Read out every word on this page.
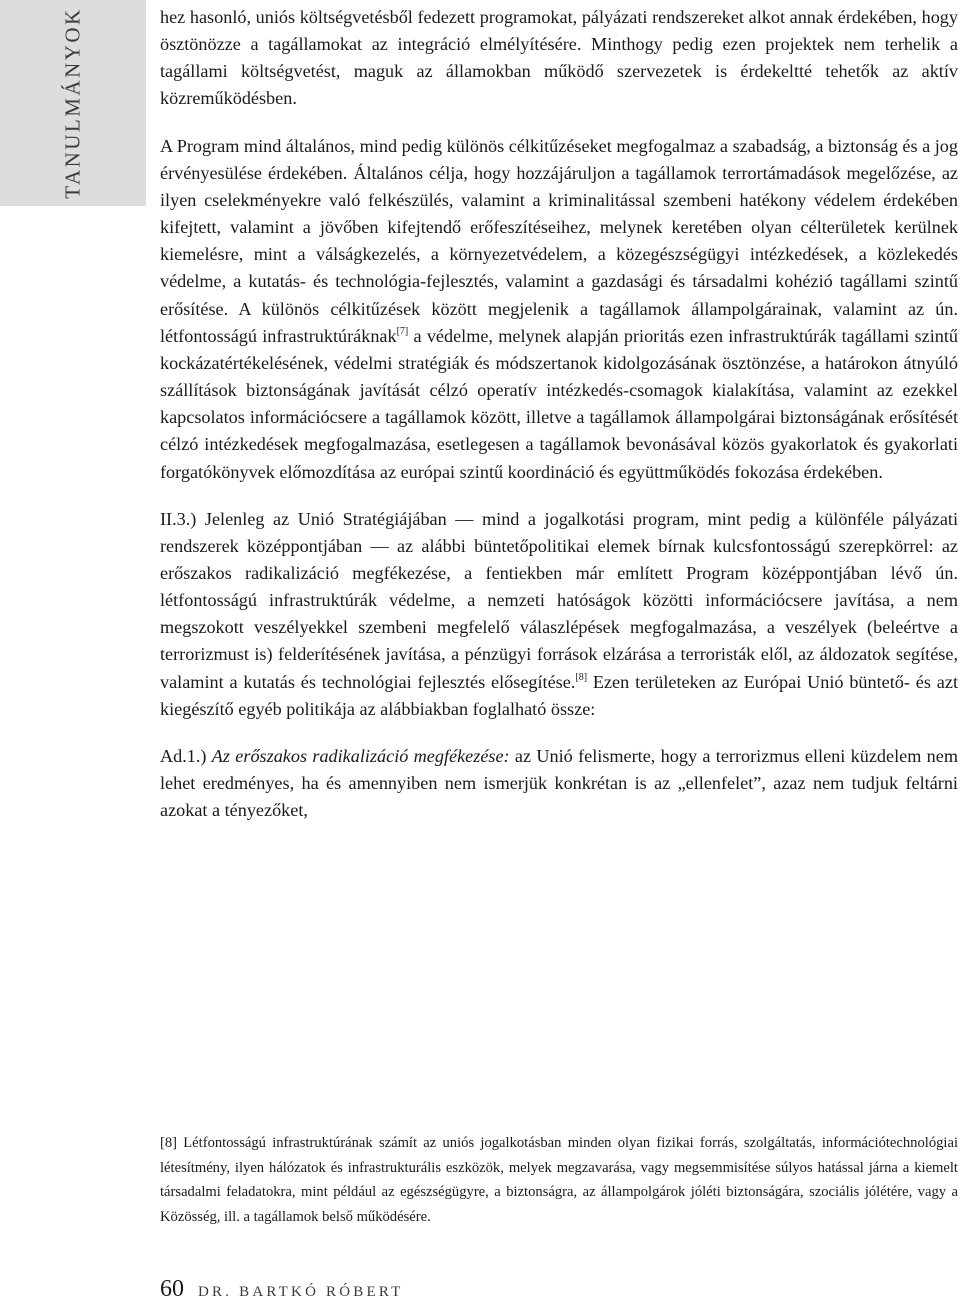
TANULMÁNYOK	hez hasonló, uniós költségvetésből fedezett programokat, pályázati rendszereket alkot annak érdekében, hogy ösztönözze a tagállamokat az integráció elmélyítésére. Minthogy pedig ezen projektek nem terhelik a tagállami költségvetést, maguk az államokban működő szervezetek is érdekeltté tehetők az aktív közreműködésben.

A Program mind általános, mind pedig különös célkitűzéseket megfogalmaz a szabadság, a biztonság és a jog érvényesülése érdekében. Általános célja, hogy hozzájáruljon a tagállamok terrortámadások megelőzése, az ilyen cselekményekre való felkészülés, valamint a kriminalitással szembeni hatékony védelem érdekében kifejtett, valamint a jövőben kifejtendő erőfeszítéseihez, melynek keretében olyan célterületek kerülnek kiemelésre, mint a válságkezelés, a környezetvédelem, a közegészségügyi intézkedések, a közlekedés védelme, a kutatás- és technológia-fejlesztés, valamint a gazdasági és társadalmi kohézió tagállami szintű erősítése. A különös célkitűzések között megjelenik a tagállamok állampolgárainak, valamint az ún. létfontosságú infrastruktúráknak[7] a védelme, melynek alapján prioritás ezen infrastruktúrák tagállami szintű kockázatértékelésének, védelmi stratégiák és módszertanok kidolgozásának ösztönzése, a határokon átnyúló szállítások biztonságának javítását célzó operatív intézkedés-csomagok kialakítása, valamint az ezekkel kapcsolatos információcsere a tagállamok között, illetve a tagállamok állampolgárai biztonságának erősítését célzó intézkedések megfogalmazása, esetlegesen a tagállamok bevonásával közös gyakorlatok és gyakorlati forgatókönyvek előmozdítása az európai szintű koordináció és együttműködés fokozása érdekében.

II.3.) Jelenleg az Unió Stratégiájában — mind a jogalkotási program, mint pedig a különféle pályázati rendszerek középpontjában — az alábbi büntetőpolitikai elemek bírnak kulcsfontosságú szerepkörrel: az erőszakos radikalizáció megfékezése, a fentiekben már említett Program középpontjában lévő ún. létfontosságú infrastruktúrák védelme, a nemzeti hatóságok közötti információcsere javítása, a nem megszokott veszélyekkel szembeni megfelelő válaszlépések megfogalmazása, a veszélyek (beleértve a terrorizmust is) felderítésének javítása, a pénzügyi források elzárása a terroristák elől, az áldozatok segítése, valamint a kutatás és technológiai fejlesztés elősegítése.[8] Ezen területeken az Európai Unió büntető- és azt kiegészítő egyéb politikája az alábbiakban foglalható össze:

Ad.1.) Az erőszakos radikalizáció megfékezése: az Unió felismerte, hogy a terrorizmus elleni küzdelem nem lehet eredményes, ha és amennyiben nem ismerjük konkrétan is az „ellenfelet”, azaz nem tudjuk feltárni azokat a tényezőket,

[8] Létfontosságú infrastruktúrának számít az uniós jogalkotásban minden olyan fizikai forrás, szolgáltatás, információtechnológiai létesítmény, ilyen hálózatok és infrastrukturális eszközök, melyek megzavarása, vagy megsemmisítése súlyos hatással járna a kiemelt társadalmi feladatokra, mint például az egészségügyre, a biztonságra, az állampolgárok jóléti biztonságára, szociális jólétére, vagy a Közösség, ill. a tagállamok belső működésére.
60 DR. BARTKÓ RÓBERT
